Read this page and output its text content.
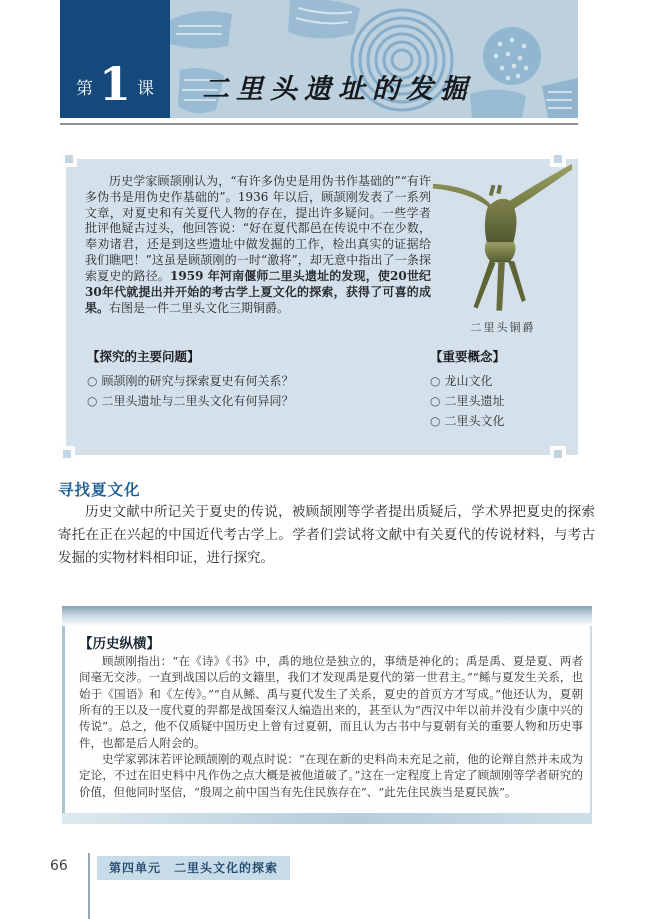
第 1 课 二里头遗址的发掘

历史学家顾颉刚认为，“有许多伪史是用伪书作基础的”“有许多伪书是用伪史作基础的”。1936 年以后，顾颉刚发表了一系列文章，对夏史和有关夏代人物的存在，提出许多疑问。一些学者批评他疑古过头，他回答说：“好在夏代都邑在传说中不在少数，奉劝诸君，还是到这些遗址中做发掘的工作，检出真实的证据给我们瞧吧！”这虽是顾颉刚的一时“激将”，却无意中指出了一条探索夏史的路径。1959 年河南偃师二里头遗址的发现，使20世纪30年代就提出并开始的考古学上夏文化的探索，获得了可喜的成果。右图是一件二里头文化三期铜爵。

二里头铜爵
【探究的主要问题】
○ 顾颉刚的研究与探索夏史有何关系？
○ 二里头遗址与二里头文化有何异同？
【重要概念】
○ 龙山文化
○ 二里头遗址
○ 二里头文化
寻找夏文化

历史文献中所记关于夏史的传说，被顾颉刚等学者提出质疑后，学术界把夏史的探索寄托在正在兴起的中国近代考古学上。学者们尝试将文献中有关夏代的传说材料，与考古发掘的实物材料相印证，进行探究。

【历史纵横】

顾颉刚指出：“在《诗》《书》中，禹的地位是独立的，事绩是神化的；禹是禹、夏是夏、两者间毫无交涉。一直到战国以后的文籍里，我们才发现禹是夏代的第一世君主。”“鲧与夏发生关系，也始于《国语》和《左传》。”“自从鲧、禹与夏代发生了关系，夏史的首页方才写成。”他还认为，夏朝所有的王以及一度代夏的羿都是战国秦汉人编造出来的，甚至认为“西汉中年以前并没有少康中兴的传说”。总之，他不仅质疑中国历史上曾有过夏朝，而且认为古书中与夏朝有关的重要人物和历史事件，也都是后人附会的。

史学家郭沫若评论顾颉刚的观点时说：“在现在新的史料尚未充足之前，他的论辩自然并未成为定论，不过在旧史料中凡作伪之点大概是被他道破了。”这在一定程度上肯定了顾颉刚等学者研究的价值，但他同时坚信，“殷周之前中国当有先住民族存在”、“此先住民族当是夏民族”。

66	第四单元　二里头文化的探索
